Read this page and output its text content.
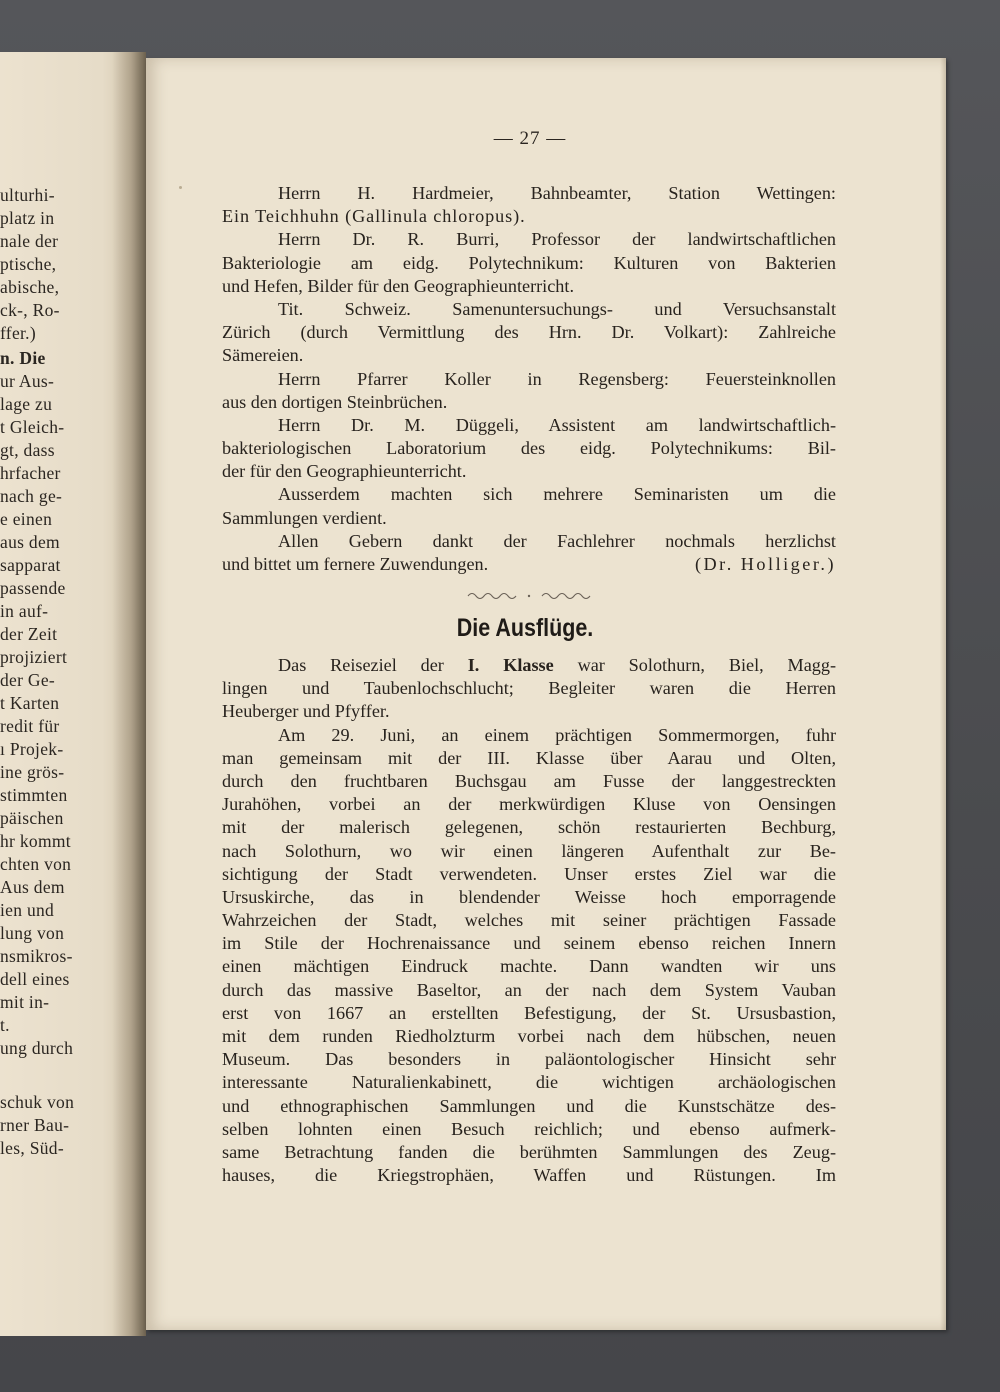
ulturhi-
platz in
nale der
ptische,
abische,
ck-, Ro-
ffer.)
n. Die
ur Aus-
lage zu
t Gleich-
gt, dass
hrfacher
nach ge-
e einen
aus dem
sapparat
passende
in auf-
der Zeit
projiziert
der Ge-
t Karten
redit für
ı Projek-
ine grös-
stimmten
päischen
hr kommt
chten von
Aus dem
ien und
lung von
nsmikros-
dell eines
mit in-
t.
ung durch
schuk von
rner Bau-
les, Süd-
— 27 —
Herrn H. Hardmeier, Bahnbeamter, Station Wettingen:
Ein Teichhuhn (Gallinula chloropus).
Herrn Dr. R. Burri, Professor der landwirtschaftlichen
Bakteriologie am eidg. Polytechnikum: Kulturen von Bakterien
und Hefen, Bilder für den Geographieunterricht.
Tit. Schweiz. Samenuntersuchungs- und Versuchsanstalt
Zürich (durch Vermittlung des Hrn. Dr. Volkart): Zahlreiche
Sämereien.
Herrn Pfarrer Koller in Regensberg: Feuersteinknollen
aus den dortigen Steinbrüchen.
Herrn Dr. M. Düggeli, Assistent am landwirtschaftlich-
bakteriologischen Laboratorium des eidg. Polytechnikums: Bil-
der für den Geographieunterricht.
Ausserdem machten sich mehrere Seminaristen um die
Sammlungen verdient.
Allen Gebern dankt der Fachlehrer nochmals herzlichst
und bittet um fernere Zuwendungen.	(Dr. Holliger.)
Die Ausflüge.
Das Reiseziel der I. Klasse war Solothurn, Biel, Magg-
lingen und Taubenlochschlucht; Begleiter waren die Herren
Heuberger und Pfyffer.
Am 29. Juni, an einem prächtigen Sommermorgen, fuhr
man gemeinsam mit der III. Klasse über Aarau und Olten,
durch den fruchtbaren Buchsgau am Fusse der langgestreckten
Jurahöhen, vorbei an der merkwürdigen Kluse von Oensingen
mit der malerisch gelegenen, schön restaurierten Bechburg,
nach Solothurn, wo wir einen längeren Aufenthalt zur Be-
sichtigung der Stadt verwendeten. Unser erstes Ziel war die
Ursuskirche, das in blendender Weisse hoch emporragende
Wahrzeichen der Stadt, welches mit seiner prächtigen Fassade
im Stile der Hochrenaissance und seinem ebenso reichen Innern
einen mächtigen Eindruck machte. Dann wandten wir uns
durch das massive Baseltor, an der nach dem System Vauban
erst von 1667 an erstellten Befestigung, der St. Ursusbastion,
mit dem runden Riedholzturm vorbei nach dem hübschen, neuen
Museum. Das besonders in paläontologischer Hinsicht sehr
interessante Naturalienkabinett, die wichtigen archäologischen
und ethnographischen Sammlungen und die Kunstschätze des-
selben lohnten einen Besuch reichlich; und ebenso aufmerk-
same Betrachtung fanden die berühmten Sammlungen des Zeug-
hauses, die Kriegstrophäen, Waffen und Rüstungen. Im
